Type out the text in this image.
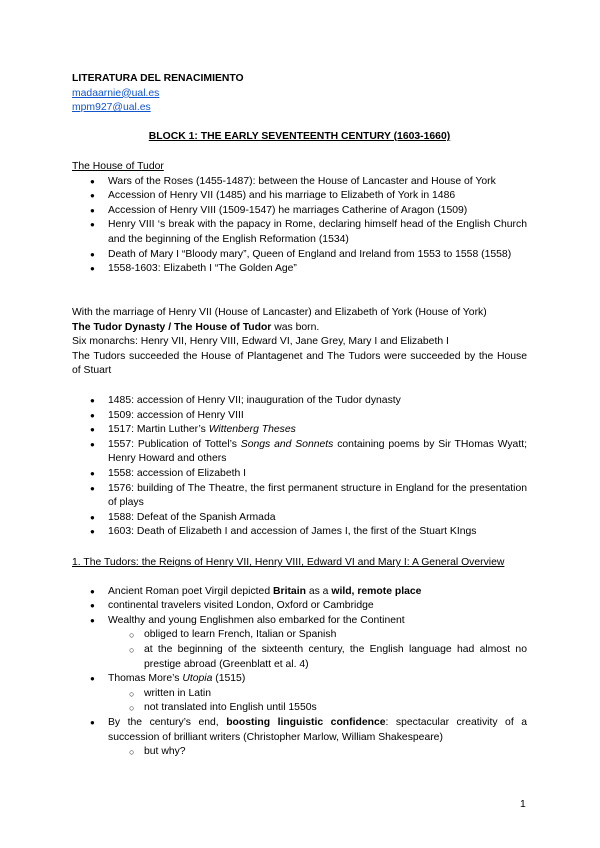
LITERATURA DEL RENACIMIENTO
madaarnie@ual.es
mpm927@ual.es
BLOCK 1: THE EARLY SEVENTEENTH CENTURY (1603-1660)
The House of Tudor
● Wars of the Roses (1455-1487): between the House of Lancaster and House of York
● Accession of Henry VII (1485) and his marriage to Elizabeth of York in 1486
● Accession of Henry VIII (1509-1547) he marriages Catherine of Aragon (1509)
● Henry VIII ‘s break with the papacy in Rome, declaring himself head of the English Church and the beginning of the English Reformation (1534)
● Death of Mary I “Bloody mary”, Queen of England and Ireland from 1553 to 1558 (1558)
● 1558-1603: Elizabeth I “The Golden Age”

With the marriage of Henry VII (House of Lancaster) and Elizabeth of York (House of York)

The Tudor Dynasty / The House of Tudor was born.

Six monarchs: Henry VII, Henry VIII, Edward VI, Jane Grey, Mary I and Elizabeth I

The Tudors succeeded the House of Plantagenet and The Tudors were succeeded by the House of Stuart

● 1485: accession of Henry VII; inauguration of the Tudor dynasty
● 1509: accession of Henry VIII
● 1517: Martin Luther’s Wittenberg Theses
● 1557: Publication of Tottel’s Songs and Sonnets containing poems by Sir THomas Wyatt; Henry Howard and others
● 1558: accession of Elizabeth I
● 1576: building of The Theatre, the first permanent structure in England for the presentation of plays
● 1588: Defeat of the Spanish Armada
● 1603: Death of Elizabeth I and accession of James I, the first of the Stuart KIngs

1. The Tudors: the Reigns of Henry VII, Henry VIII, Edward VI and Mary I: A General Overview

● Ancient Roman poet Virgil depicted Britain as a wild, remote place
● continental travelers visited London, Oxford or Cambridge
● Wealthy and young Englishmen also embarked for the Continent
○ obliged to learn French, Italian or Spanish
○ at the beginning of the sixteenth century, the English language had almost no prestige abroad (Greenblatt et al. 4)
● Thomas More’s Utopia (1515)
○ written in Latin
○ not translated into English until 1550s
● By the century’s end, boosting linguistic confidence: spectacular creativity of a succession of brilliant writers (Christopher Marlow, William Shakespeare)
○ but why?
1
